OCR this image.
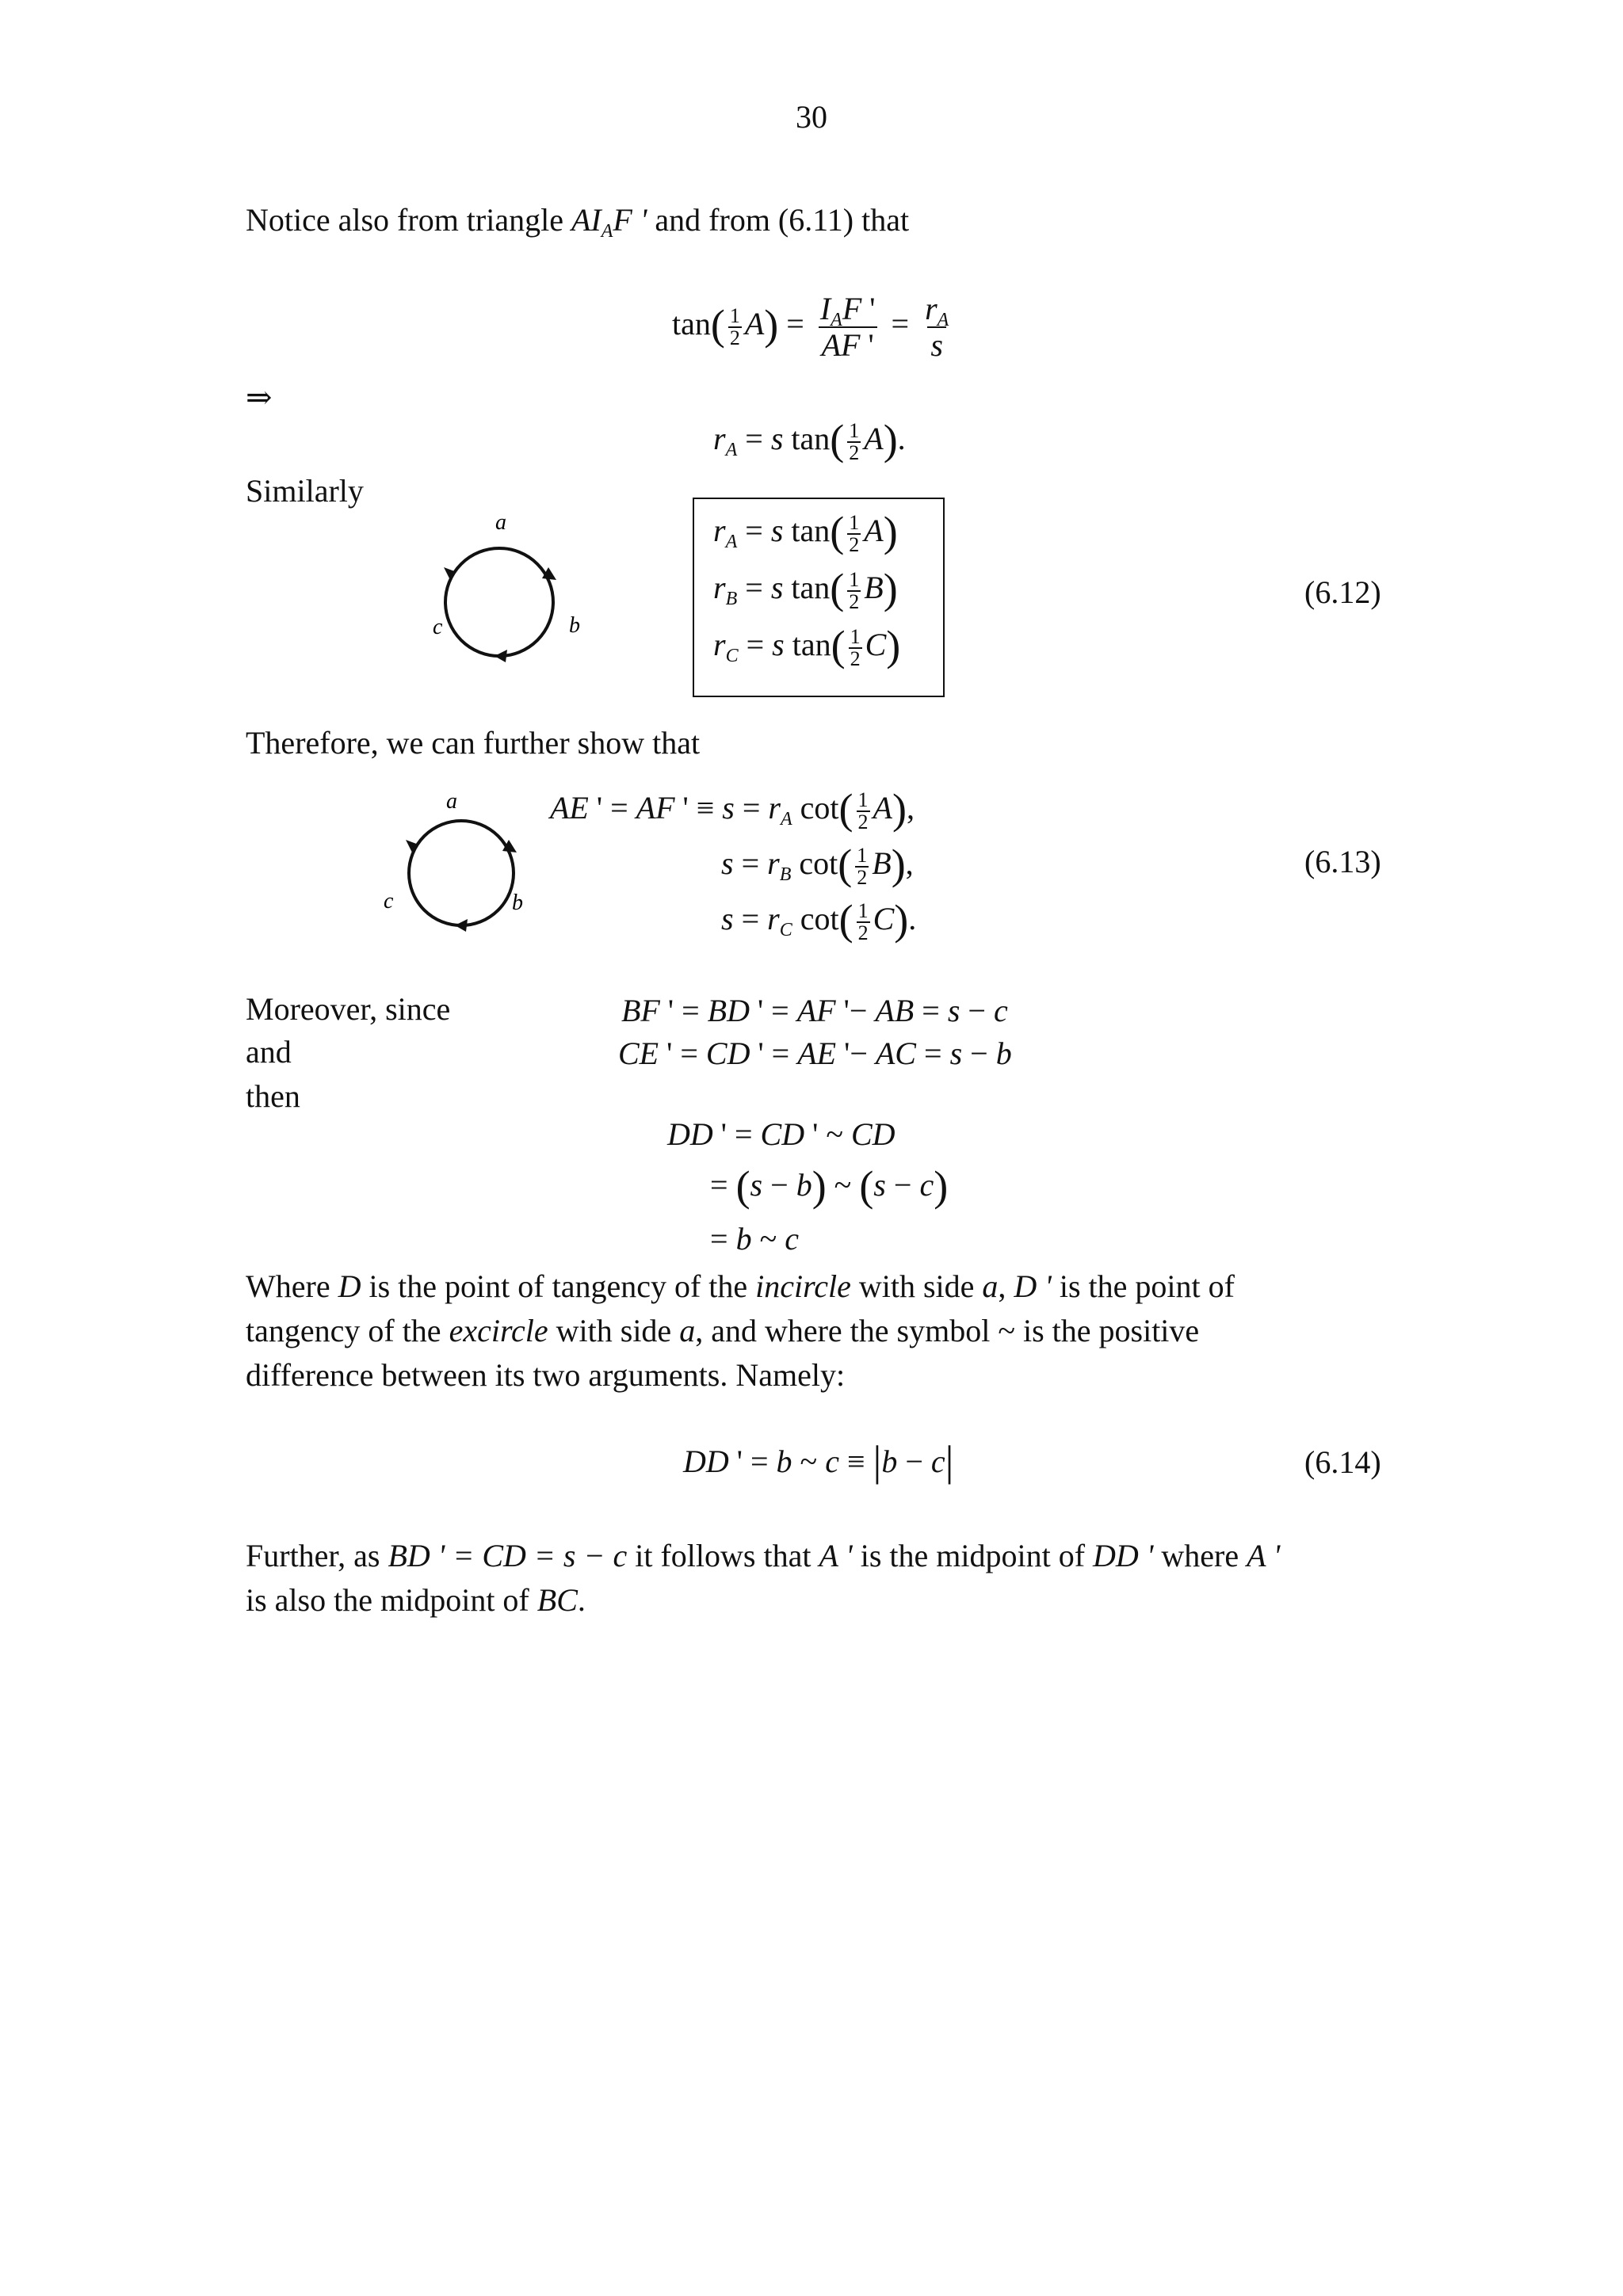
30
Notice also from triangle $AI_AF$ ' and from (6.11) that
$\tan( \frac{1}{2} A) = \frac{I_AF '}{AF '} = \frac{r_A}{s}$
⇒
$r_A = s$ $\tan( \frac{1}{2} A)$.
Similarly
a
b
c
$r_A = s$ $\tan( \frac{1}{2} A)$
$r_B = s$ $\tan( \frac{1}{2} B)$
$r_C = s$ $\tan( \frac{1}{2} C)$
(6.12)
Therefore, we can further show that
a
b
c
AE ' = AF ' ≡ $s = r_A$ $\cot( \frac{1}{2} A)$,
$s = r_B$ $\cot( \frac{1}{2} B)$,
$s = r_C$ $\cot( \frac{1}{2} C)$.
(6.13)
Moreover, since
and
then
BF ' = BD ' = AF '− AB = s − c
CE ' = CD ' = AE '− AC = s − b
DD ' = CD ' ~ CD
= (s − b) ~ (s − c)
= b ~ c
Where D is the point of tangency of the incircle with side a, D ' is the point of
tangency of the excircle with side a, and where the symbol ~ is the positive
difference between its two arguments. Namely:
DD ' = b ~ c ≡ |b − c|	(6.14)
Further, as BD ' = CD = s − c it follows that A ' is the midpoint of DD ' where A '
is also the midpoint of BC.
